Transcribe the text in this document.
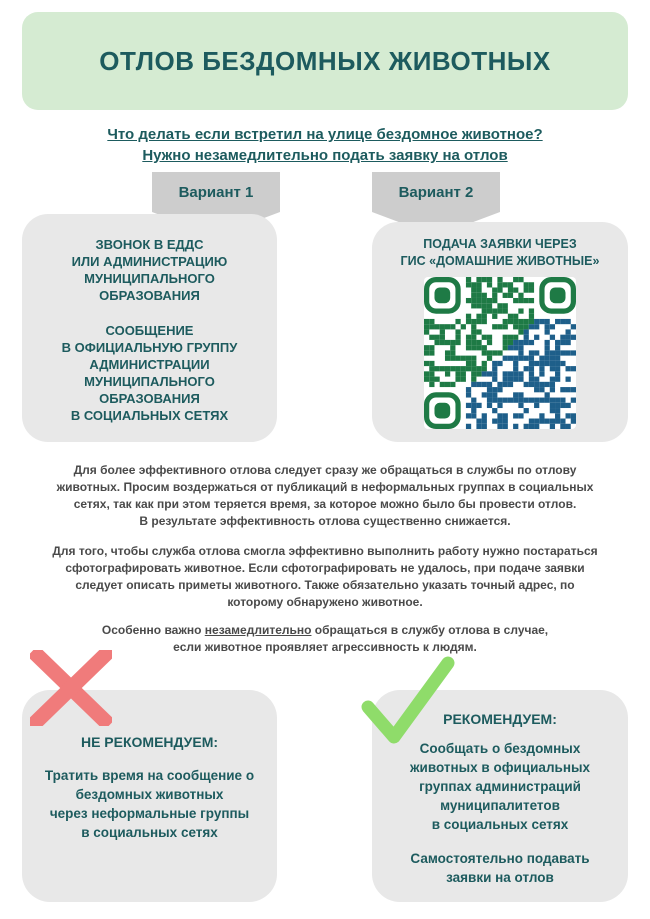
ОТЛОВ БЕЗДОМНЫХ ЖИВОТНЫХ
Что делать если встретил на улице бездомное животное?
Нужно незамедлительно подать заявку на отлов
Вариант 1	Вариант 2

ЗВОНОК В ЕДДС
ИЛИ АДМИНИСТРАЦИЮ
МУНИЦИПАЛЬНОГО
ОБРАЗОВАНИЯ

СООБЩЕНИЕ
В ОФИЦИАЛЬНУЮ ГРУППУ
АДМИНИСТРАЦИИ
МУНИЦИПАЛЬНОГО
ОБРАЗОВАНИЯ
В СОЦИАЛЬНЫХ СЕТЯХ

ПОДАЧА ЗАЯВКИ ЧЕРЕЗ
ГИС «ДОМАШНИЕ ЖИВОТНЫЕ»

Для более эффективного отлова следует сразу же обращаться в службы по отлову

животных. Просим воздержаться от публикаций в неформальных группах в социальных

сетях, так как при этом теряется время, за которое можно было бы провести отлов.

В результате эффективность отлова существенно снижается.

Для того, чтобы служба отлова смогла эффективно выполнить работу нужно постараться

сфотографировать животное. Если сфотографировать не удалось, при подаче заявки

следует описать приметы животного. Также обязательно указать точный адрес, по

которому обнаружено животное.

Особенно важно незамедлительно обращаться в службу отлова в случае,

если животное проявляет агрессивность к людям.

НЕ РЕКОМЕНДУЕМ:
Тратить время на сообщение о
бездомных животных
через неформальные группы
в социальных сетях
РЕКОМЕНДУЕМ:
Сообщать о бездомных
животных в официальных
группах администраций
муниципалитетов
в социальных сетях
Самостоятельно подавать
заявки на отлов
